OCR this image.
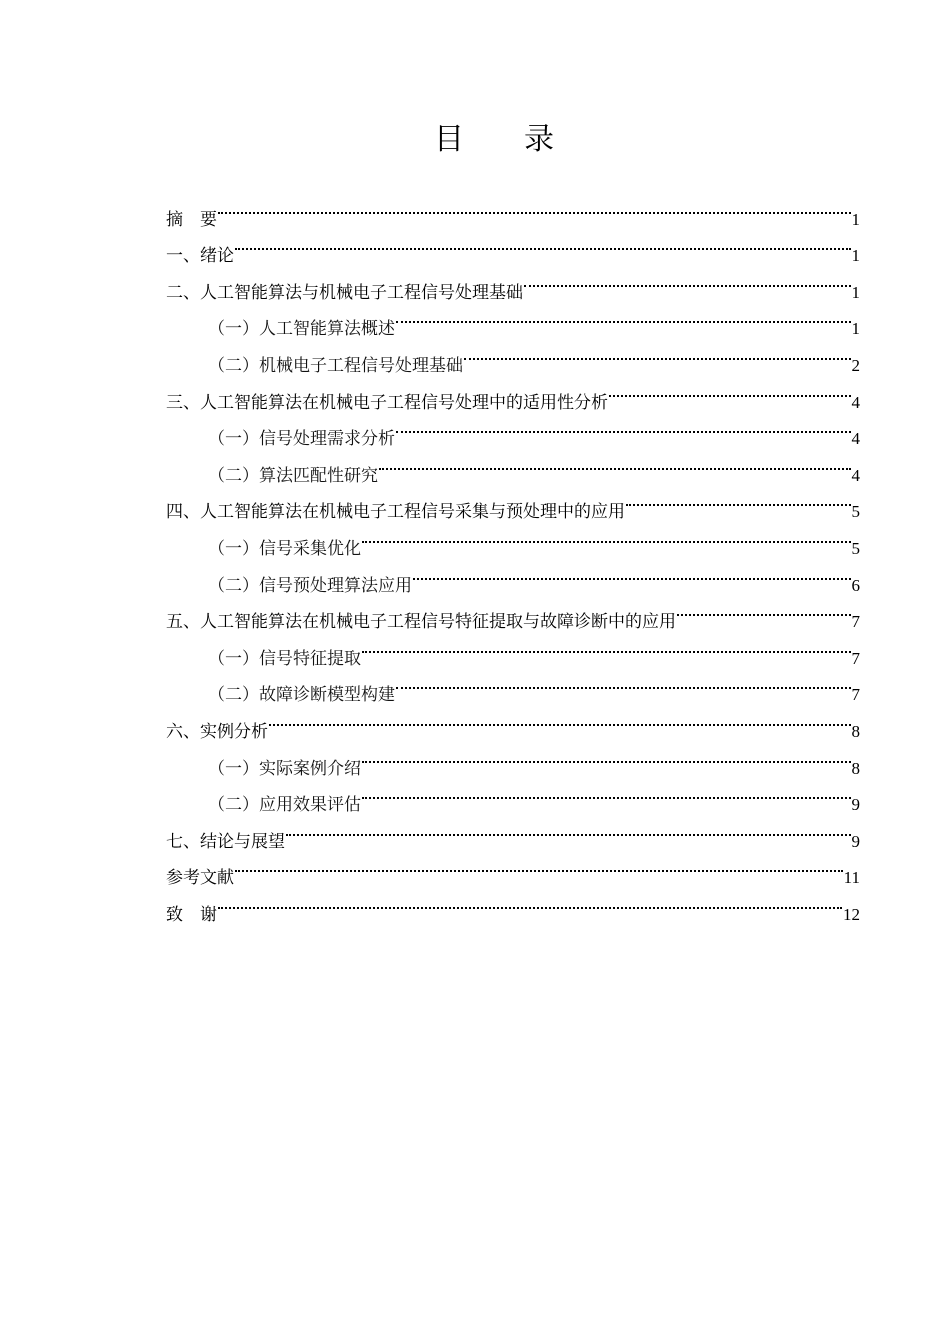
目　　录
摘　要	1
一、绪论	1
二、人工智能算法与机械电子工程信号处理基础	1
（一）人工智能算法概述	1
（二）机械电子工程信号处理基础	2
三、人工智能算法在机械电子工程信号处理中的适用性分析	4
（一）信号处理需求分析	4
（二）算法匹配性研究	4
四、人工智能算法在机械电子工程信号采集与预处理中的应用	5
（一）信号采集优化	5
（二）信号预处理算法应用	6
五、人工智能算法在机械电子工程信号特征提取与故障诊断中的应用	7
（一）信号特征提取	7
（二）故障诊断模型构建	7
六、实例分析	8
（一）实际案例介绍	8
（二）应用效果评估	9
七、结论与展望	9
参考文献	11
致　谢	12
